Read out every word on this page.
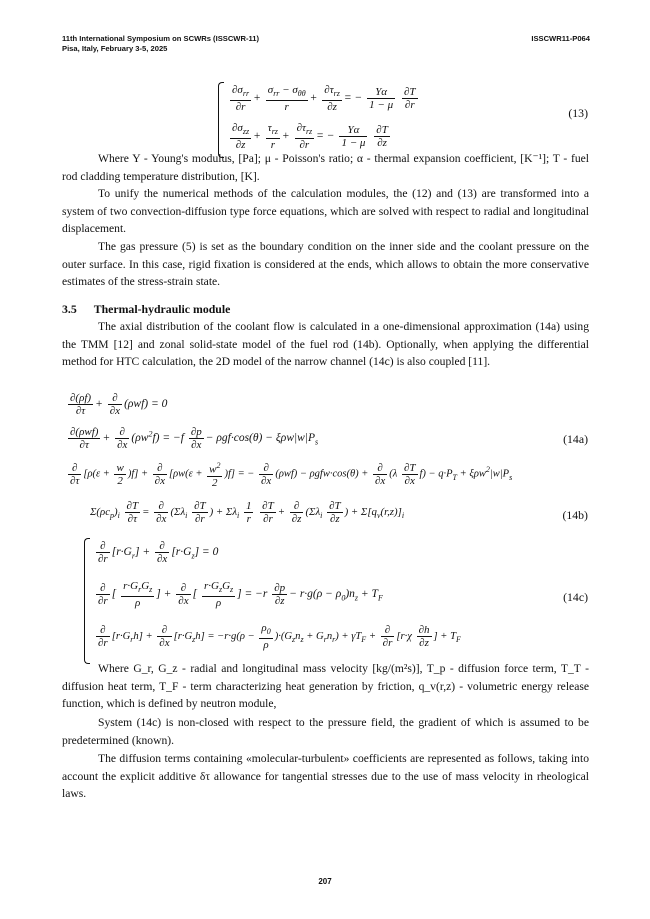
11th International Symposium on SCWRs (ISSCWR-11)
Pisa, Italy, February 3-5, 2025
ISSCWR11-P064
$\frac{\partial\sigma_{rr}}{\partial r} + \frac{\sigma_{rr} - \sigma_{\theta\theta}}{r} + \frac{\partial\tau_{rz}}{\partial z}$ = − $\frac{Y\alpha}{1 - \mu}$
$\frac{\partial T}{\partial r}$
$\frac{\partial\sigma_{zz}}{\partial z} + \frac{\tau_{rz}}{r} + \frac{\partial\tau_{rz}}{\partial r}$ = − $\frac{Y\alpha}{1 - \mu}$
$\frac{\partial T}{\partial z}$
(13)
Where Y - Young's modulus, [Pa]; μ - Poisson's ratio; α - thermal expansion coefficient, [K⁻¹]; T - fuel rod cladding temperature distribution, [K].
To unify the numerical methods of the calculation modules, the (12) and (13) are transformed into a system of two convection-diffusion type force equations, which are solved with respect to radial and longitudinal displacement.
The gas pressure (5) is set as the boundary condition on the inner side and the coolant pressure on the outer surface. In this case, rigid fixation is considered at the ends, which allows to obtain the more conservative estimates of the stress-strain state.
3.5 Thermal-hydraulic module
The axial distribution of the coolant flow is calculated in a one-dimensional approximation (14a) using the TMM [12] and zonal solid-state model of the fuel rod (14b). Optionally, when applying the differential method for HTC calculation, the 2D model of the narrow channel (14c) is also coupled [11].
$\frac{\partial(\rho f)}{\partial\tau} + \frac{\partial}{\partial x} (\rho wf) = 0$
$\frac{\text{∂(ρwf)}}{\partial\tau} + \frac{\partial}{\partial x} (\rho w^2f) = -f \frac{\partial p}{\partial x} - \rho gf\cdot\cos(\theta) - \xi\rho w|w|P_s$
$\frac{\partial}{\partial\tau} [\rho(\varepsilon + \frac{w}{2} )f] + \frac{\partial}{\partial x} [\rho w(\varepsilon + \frac{w^2}{2} )f]$ = − $\frac{\partial}{\partial x} (\rho wf) - \rho gfw\cdot\cos(\theta) + \frac{\partial}{\partial x} (\lambda \frac{\partial T}{\partial x} f) - q\cdot P_T + \xi\rho w^2|w|P_s$
(14a)
$\Sigma(\rho c_p)_i \frac{\partial T}{\partial\tau} = \frac{\partial}{\partial x} (\Sigma\lambda_i \frac{\partial T}{\partial r}$ ) + $\Sigma\lambda_i \frac{1}{r}$
$\frac{\partial T}{\partial r} + \frac{\partial}{\partial z} (\Sigma\lambda_i \frac{\partial T}{\partial z}$ ) + $\Sigma[q_v(r,z)]_i$	(14b)
$\frac{\partial}{\partial r} [r\cdot G_r] + \frac{\partial}{\partial x} [r\cdot G_z] = 0$
$\frac{\partial}{\partial r}$ [ $\frac{r\cdot G_rG_z}{\rho}$ ] + $\frac{\partial}{\partial x}$ [ $\frac{r\cdot G_zG_z}{\rho}$ ] = $-r \frac{\partial p}{\partial z} - r\cdot g(\rho - \rho_0)n_z + T_F$
$\frac{\partial}{\partial r} [r\cdot G_rh] + \frac{\partial}{\partial x} [r\cdot G_zh] = -r\cdot g(\rho - \frac{\rho_0}{\rho} )\cdot(G_zn_z + G_rn_r) + \gamma T_F + \frac{\partial}{\partial r} [r\cdot\chi \frac{\partial h}{\partial z}$ ] + $T_F$
(14c)
Where G_r, G_z - radial and longitudinal mass velocity [kg/(m²s)], T_p - diffusion force term, T_T - diffusion heat term, T_F - term characterizing heat generation by friction, q_v(r,z) - volumetric energy release function, which is defined by neutron module,
System (14c) is non-closed with respect to the pressure field, the gradient of which is assumed to be predetermined (known).
The diffusion terms containing «molecular-turbulent» coefficients are represented as follows, taking into account the explicit additive δτ allowance for tangential stresses due to the use of mass velocity in rheological laws.
207
